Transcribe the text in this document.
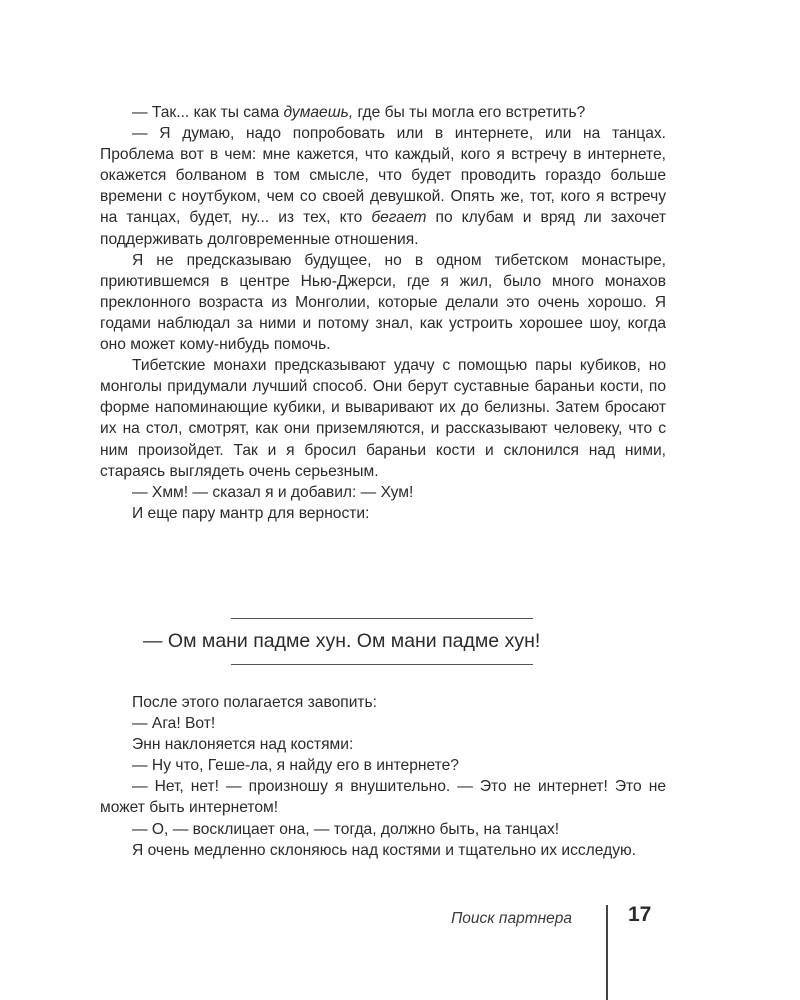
— Так... как ты сама думаешь, где бы ты могла его встретить?

— Я думаю, надо попробовать или в интернете, или на танцах. Проблема вот в чем: мне кажется, что каждый, кого я встречу в интернете, окажется болваном в том смысле, что будет проводить гораздо больше времени с ноутбуком, чем со своей девушкой. Опять же, тот, кого я встречу на танцах, будет, ну... из тех, кто бегает по клубам и вряд ли захочет поддерживать долговременные отношения.

Я не предсказываю будущее, но в одном тибетском монастыре, приютившемся в центре Нью-Джерси, где я жил, было много монахов преклонного возраста из Монголии, которые делали это очень хорошо. Я годами наблюдал за ними и потому знал, как устроить хорошее шоу, когда оно может кому-нибудь помочь.

Тибетские монахи предсказывают удачу с помощью пары кубиков, но монголы придумали лучший способ. Они берут суставные бараньи кости, по форме напоминающие кубики, и вываривают их до белизны. Затем бросают их на стол, смотрят, как они приземляются, и рассказывают человеку, что с ним произойдет. Так и я бросил бараньи кости и склонился над ними, стараясь выглядеть очень серьезным.

— Хмм! — сказал я и добавил: — Хум!

И еще пару мантр для верности:

— Ом мани падме хун. Ом мани падме хун!

После этого полагается завопить:

— Ага! Вот!

Энн наклоняется над костями:

— Ну что, Геше-ла, я найду его в интернете?

— Нет, нет! — произношу я внушительно. — Это не интернет! Это не может быть интернетом!

— О, — восклицает она, — тогда, должно быть, на танцах!

Я очень медленно склоняюсь над костями и тщательно их исследую.

Поиск партнера	17
